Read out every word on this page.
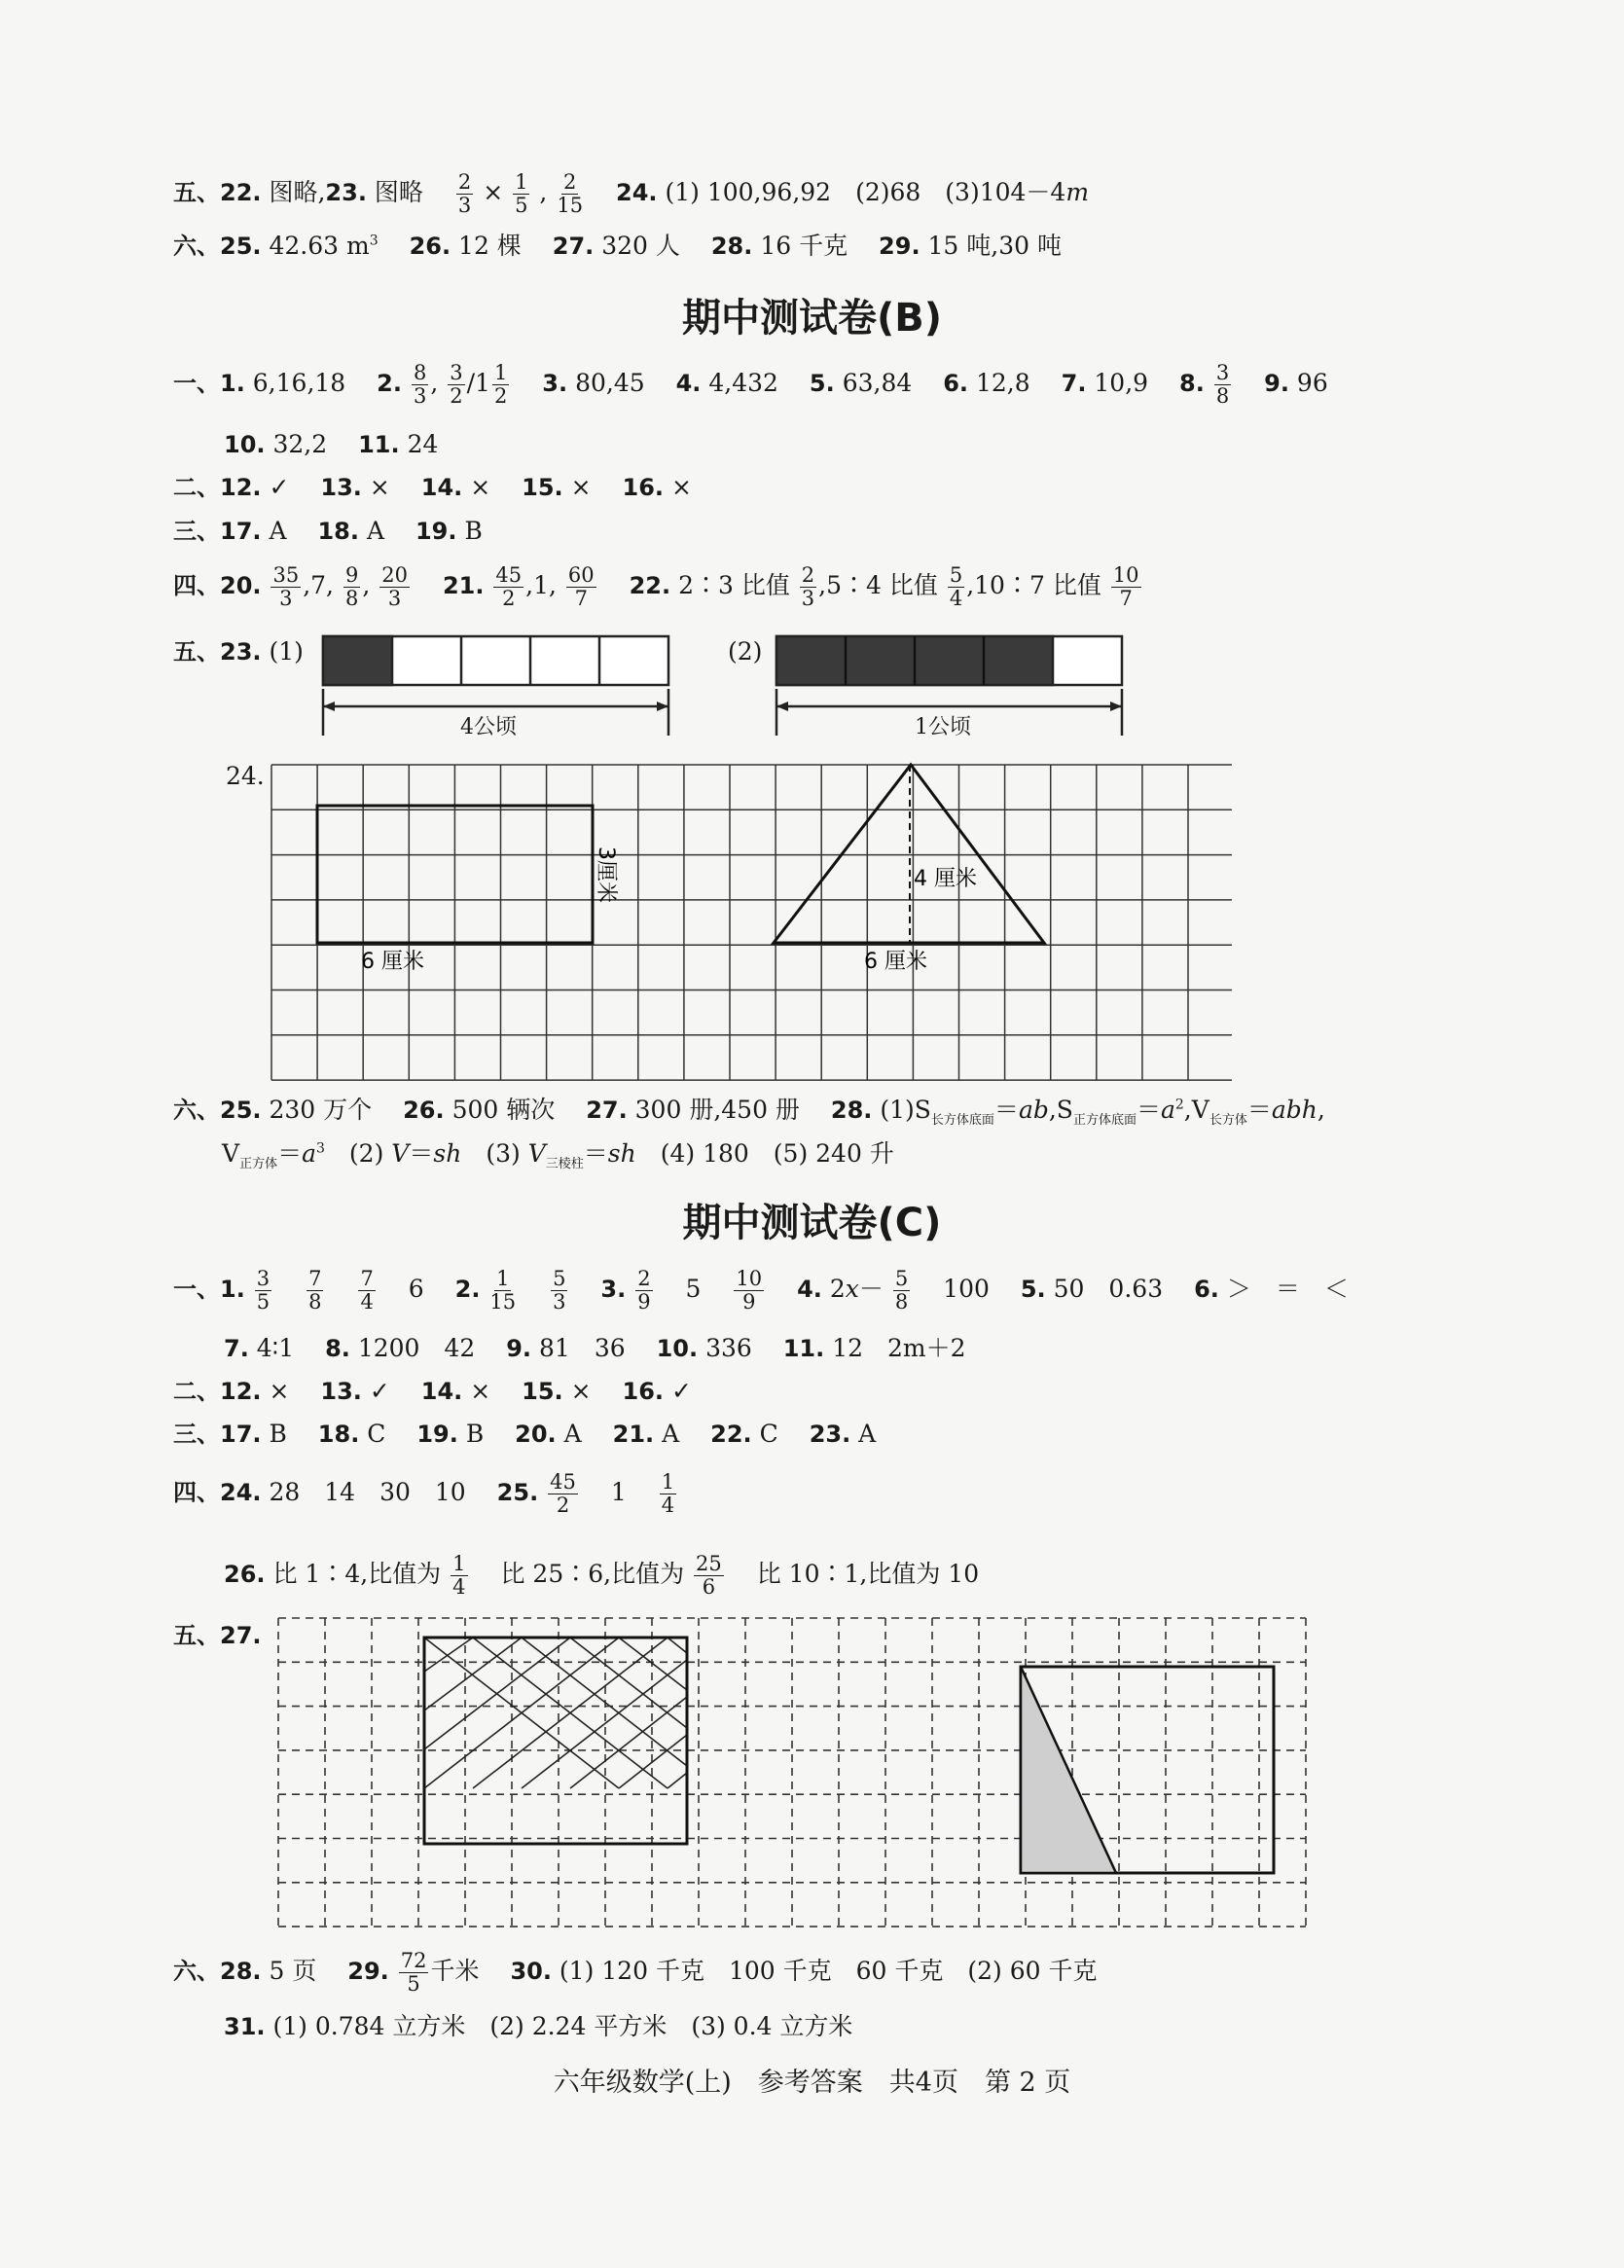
五、22. 图略,23. 图略 $\frac{2}{3} \times \frac{1}{5}$ , $\frac{2}{15} 24$. (1) 100,96,92　(2)68　(3)104－4m
六、25. 42.63 $m^3$ 26. 12 棵 27. 320 人 28. 16 千克 29. 15 吨,30 吨
期中测试卷(B)
一、1. 6,16,18 2. $\frac{8}{3}$ , $\frac{3}{2} /1 \frac{1}{2} 3$. 80,45 4. 4,432 5. 63,84 6. 12,8 7. 10,9 8. $\frac{3}{8} 9$. 96
10. 32,2 11. 24
二、12. ✓ 13. × 14. × 15. × 16. ×
三、17. A 18. A 19. B
四、20. $\frac{35}{3} ,7$, $\frac{9}{8}$ , $\frac{20}{3} 21$. $\frac{45}{2} ,1$, $\frac{60}{7} 22$. 2∶3 比值 $\frac{2}{3}$ ,5∶4 比值 $\frac{5}{4}$ ,10∶7 比值 $\frac{10}{7}$
五、23. (1)	(2)
4公顷	1公顷
24.
6 厘米
3厘米	4 厘米
6 厘米
六、25. 230 万个 26. 500 辆次 27. 300 册,450 册 28. $(1)S_{长方体底面}=ab,S_{正方体底面}=a^2,V_{长方体}=abh$,
$V_{正方体}=a^3$　(2) V＝sh　(3) $V_{三棱柱}=sh$　(4) 180　(5) 240 升
期中测试卷(C)
一、1. $\frac{3}{5}$
$\frac{7}{8}$
$\frac{7}{4} 6$ 2. $\frac{1}{15}$
$\frac{5}{3} 3$. $\frac{2}{9} 5 \frac{10}{9} 4$. $2x- \frac{5}{8} 100$ 5. 50　0.63 6. ＞　＝　＜
7. 4∶1 8. 1200　42 9. 81　36 10. 336 11. 12　2m＋2
二、12. × 13. ✓ 14. × 15. × 16. ✓
三、17. B 18. C 19. B 20. A 21. A 22. C 23. A
四、24. 28　14　30　10 25. $\frac{45}{2} 1 \frac{1}{4}$
26. 比 1∶4,比值为 $\frac{1}{4}$ 比 25∶6,比值为 $\frac{25}{6}$ 比 10∶1,比值为 10
五、27.
六、28. 5 页 29. $\frac{72}{5}$ 千米 30. (1) 120 千克　100 千克　60 千克　(2) 60 千克
31. (1) 0.784 立方米　(2) 2.24 平方米　(3) 0.4 立方米
六年级数学(上)　参考答案　共4页　第 2 页
